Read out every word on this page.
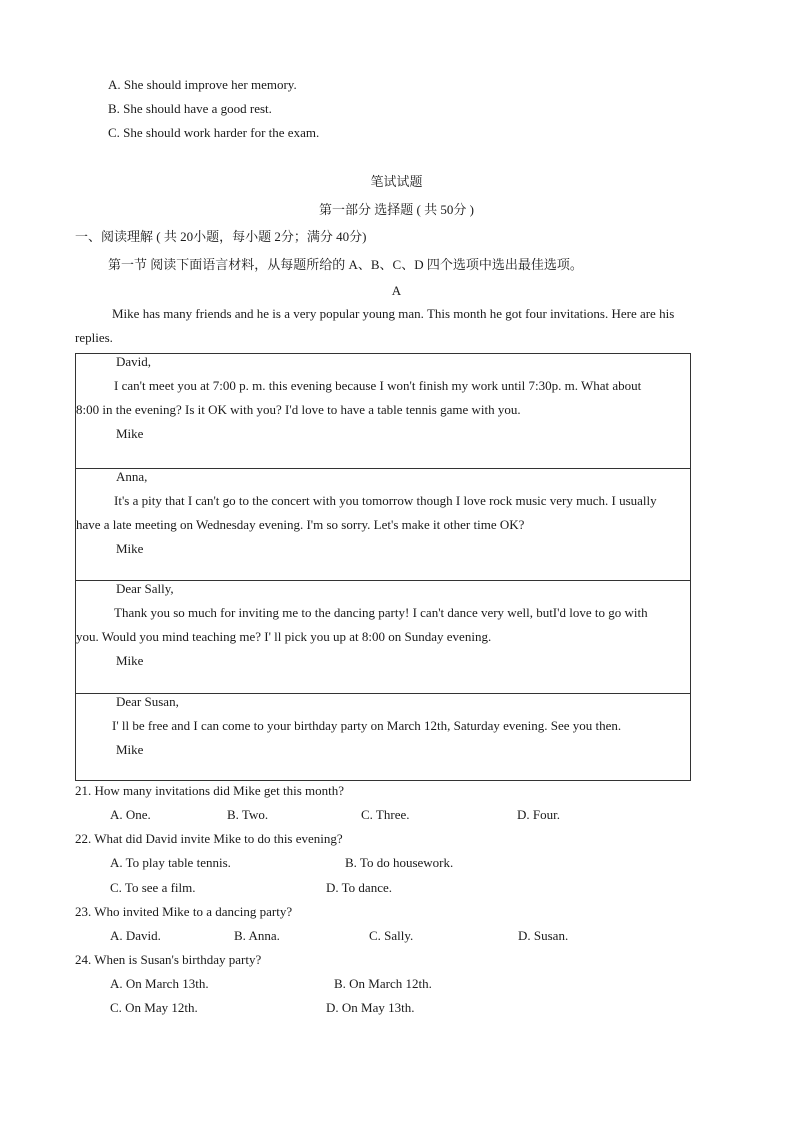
A. She should improve her memory.
B. She should have a good rest.
C. She should work harder for the exam.
笔试试题
第一部分 选择题 ( 共 50分 )
一、阅读理解 ( 共 20小题，每小题 2分；满分 40分)
第一节 阅读下面语言材料，从每题所给的 A、B、C、D 四个选项中选出最佳选项。
A
Mike has many friends and he is a very popular young man. This month he got four invitations. Here are his
replies.
David,
I can't meet you at 7:00 p. m. this evening because I won't finish my work until 7:30p. m. What about
8:00 in the evening? Is it OK with you? I'd love to have a table tennis game with you.
Mike
Anna,
It's a pity that I can't go to the concert with you tomorrow though I love rock music very much. I usually
have a late meeting on Wednesday evening. I'm so sorry. Let's make it other time OK?
Mike
Dear Sally,
Thank you so much for inviting me to the dancing party! I can't dance very well, butI'd love to go with
you. Would you mind teaching me? I' ll pick you up at 8:00 on Sunday evening.
Mike
Dear Susan,
I' ll be free and I can come to your birthday party on March 12th, Saturday evening. See you then.
Mike
21. How many invitations did Mike get this month?
A. One.	B. Two.	C. Three.	D. Four.
22. What did David invite Mike to do this evening?
A. To play table tennis.	B. To do housework.
C. To see a film.	D. To dance.
23. Who invited Mike to a dancing party?
A. David.	B. Anna.	C. Sally.	D. Susan.
24. When is Susan's birthday party?
A. On March 13th.	B. On March 12th.
C. On May 12th.	D. On May 13th.
